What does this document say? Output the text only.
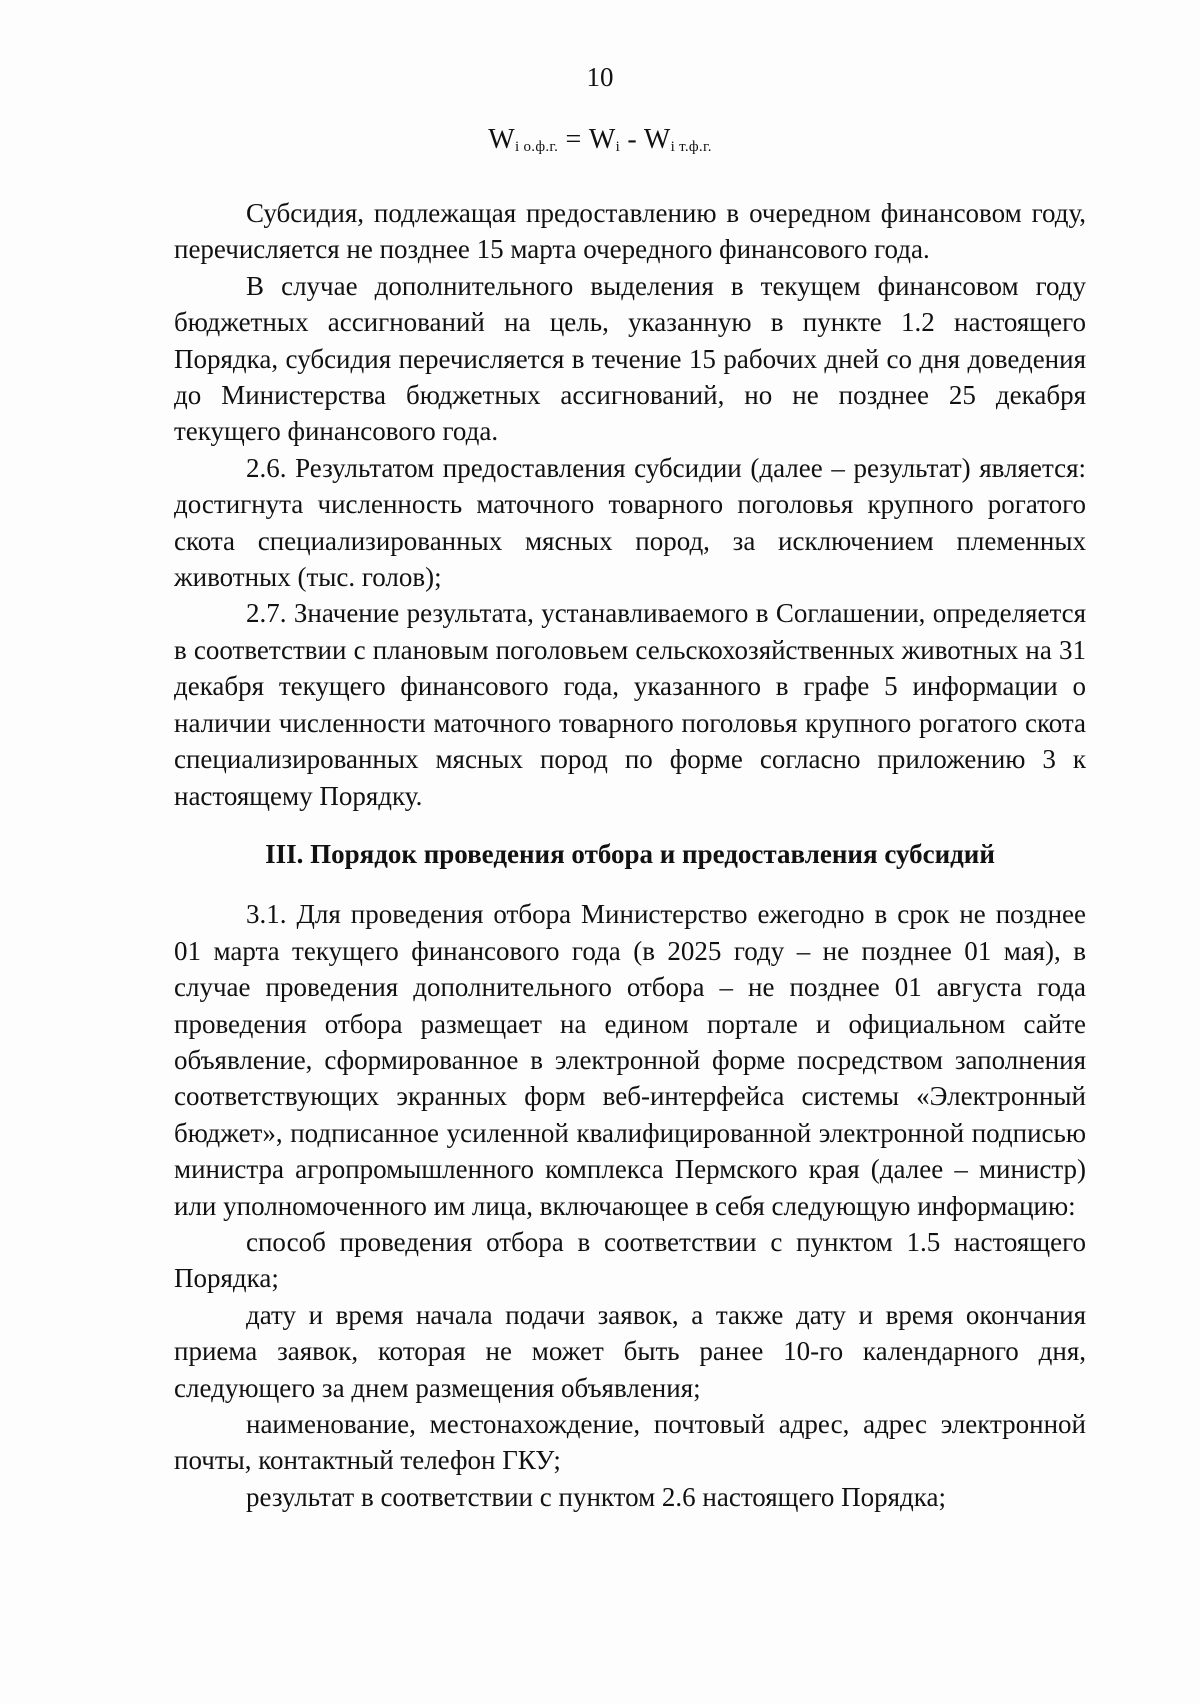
10
$W_{i о.ф.г.} = W_i - W_{i т.ф.г.}$

Субсидия, подлежащая предоставлению в очередном финансовом году, перечисляется не позднее 15 марта очередного финансового года.

В случае дополнительного выделения в текущем финансовом году бюджетных ассигнований на цель, указанную в пункте 1.2 настоящего Порядка, субсидия перечисляется в течение 15 рабочих дней со дня доведения до Министерства бюджетных ассигнований, но не позднее 25 декабря текущего финансового года.

2.6. Результатом предоставления субсидии (далее – результат) является: достигнута численность маточного товарного поголовья крупного рогатого скота специализированных мясных пород, за исключением племенных животных (тыс. голов);

2.7. Значение результата, устанавливаемого в Соглашении, определяется в соответствии с плановым поголовьем сельскохозяйственных животных на 31 декабря текущего финансового года, указанного в графе 5 информации о наличии численности маточного товарного поголовья крупного рогатого скота специализированных мясных пород по форме согласно приложению 3 к настоящему Порядку.

III. Порядок проведения отбора и предоставления субсидий

3.1. Для проведения отбора Министерство ежегодно в срок не позднее 01 марта текущего финансового года (в 2025 году – не позднее 01 мая), в случае проведения дополнительного отбора – не позднее 01 августа года проведения отбора размещает на едином портале и официальном сайте объявление, сформированное в электронной форме посредством заполнения соответствующих экранных форм веб-интерфейса системы «Электронный бюджет», подписанное усиленной квалифицированной электронной подписью министра агропромышленного комплекса Пермского края (далее – министр) или уполномоченного им лица, включающее в себя следующую информацию:

способ проведения отбора в соответствии с пунктом 1.5 настоящего Порядка;

дату и время начала подачи заявок, а также дату и время окончания приема заявок, которая не может быть ранее 10-го календарного дня, следующего за днем размещения объявления;

наименование, местонахождение, почтовый адрес, адрес электронной почты, контактный телефон ГКУ;

результат в соответствии с пунктом 2.6 настоящего Порядка;
